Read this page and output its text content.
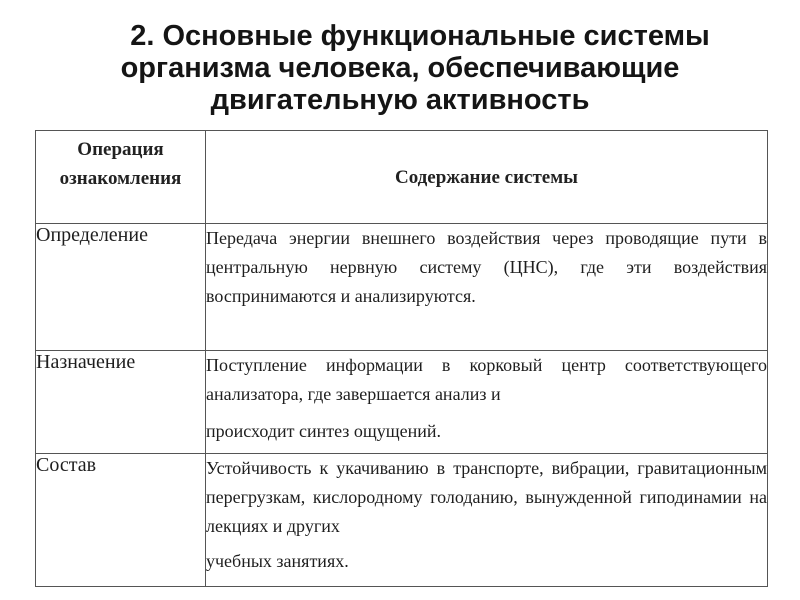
2. Основные функциональные системы
организма человека, обеспечивающие
двигательную активность
Операция ознакомления	Содержание системы
Определение	Передача энергии внешнего воздействия через проводящие пути в центральную нервную систему (ЦНС), где эти воздействия воспринимаются и анализируются.
Назначение	Поступление информации в корковый центр соответствующего анализатора, где завершается анализ и
происходит синтез ощущений.

Состав	Устойчивость к укачиванию в транспорте, вибрации, гравитационным перегрузкам, кислородному голоданию, вынужденной гиподинамии на лекциях и других
учебных занятиях.
